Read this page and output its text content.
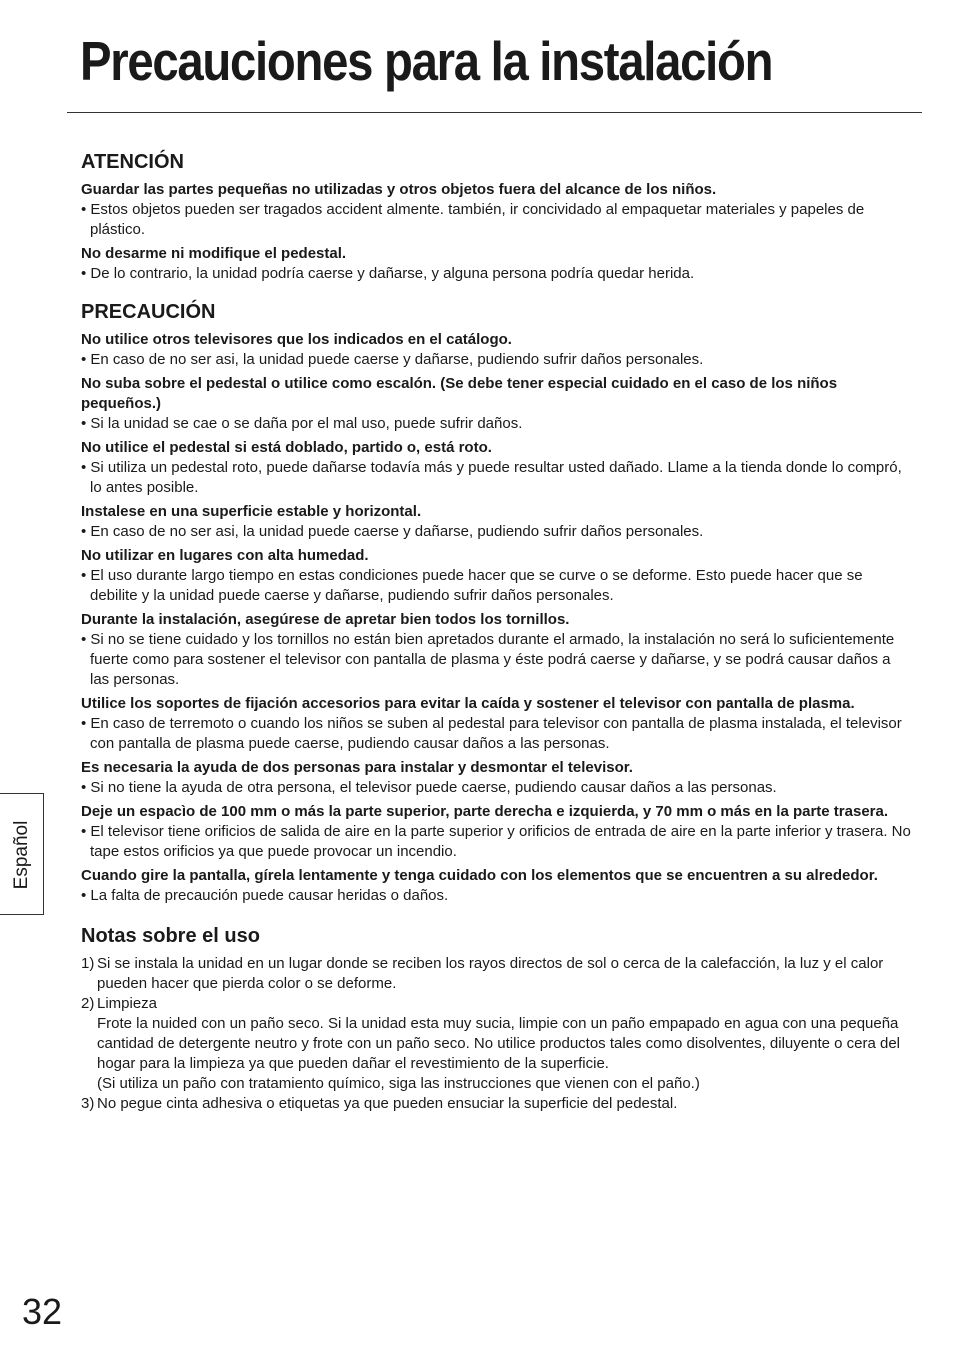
Precauciones para la instalación
ATENCIÓN
Guardar las partes pequeñas no utilizadas y otros objetos fuera del alcance de los niños.
• Estos objetos pueden ser tragados accident almente. también, ir concividado al empaquetar materiales y papeles de plástico.
No desarme ni modifique el pedestal.
• De lo contrario, la unidad podría caerse y dañarse, y alguna persona podría quedar herida.
PRECAUCIÓN
No utilice otros televisores que los indicados en el catálogo.
• En caso de no ser asi, la unidad puede caerse y dañarse, pudiendo sufrir daños personales.
No suba sobre el pedestal o utilice como escalón. (Se debe tener especial cuidado en el caso de los niños pequeños.)
• Si la unidad se cae o se daña por el mal uso, puede sufrir daños.
No utilice el pedestal si está doblado, partido o, está roto.
• Si utiliza un pedestal roto, puede dañarse todavía más y puede resultar usted dañado. Llame a la tienda donde lo compró, lo antes posible.
Instalese en una superficie estable y horizontal.
• En caso de no ser asi, la unidad puede caerse y dañarse, pudiendo sufrir daños personales.
No utilizar en lugares con alta humedad.
• El uso durante largo tiempo en estas condiciones puede hacer que se curve o se deforme. Esto puede hacer que se debilite y la unidad puede caerse y dañarse, pudiendo sufrir daños personales.
Durante la instalación, asegúrese de apretar bien todos los tornillos.
• Si no se tiene cuidado y los tornillos no están bien apretados durante el armado, la instalación no será lo suficientemente fuerte como para sostener el televisor con pantalla de plasma y éste podrá caerse y dañarse, y se podrá causar daños a las personas.
Utilice los soportes de fijación accesorios para evitar la caída y sostener el televisor con pantalla de plasma.
• En caso de terremoto o cuando los niños se suben al pedestal para televisor con pantalla de plasma instalada, el televisor con pantalla de plasma puede caerse, pudiendo causar daños a las personas.
Es necesaria la ayuda de dos personas para instalar y desmontar el televisor.
• Si no tiene la ayuda de otra persona, el televisor puede caerse, pudiendo causar daños a las personas.
Deje un espacìo de 100 mm o más la parte superior, parte derecha e izquierda, y 70 mm o más en la parte trasera.
• El televisor tiene orificios de salida de aire en la parte superior y orificios de entrada de aire en la parte inferior y trasera. No tape estos orificios ya que puede provocar un incendio.
Cuando gire la pantalla, gírela lentamente y tenga cuidado con los elementos que se encuentren a su alrededor.
• La falta de precaución puede causar heridas o daños.
Notas sobre el uso
1) Si se instala la unidad en un lugar donde se reciben los rayos directos de sol o cerca de la calefacción, la luz y el calor pueden hacer que pierda color o se deforme.
2) Limpieza
Frote la nuided con un paño seco. Si la unidad esta muy sucia, limpie con un paño empapado en agua con una pequeña cantidad de detergente neutro y frote con un paño seco. No utilice productos tales como disolventes, diluyente o cera del hogar para la limpieza ya que pueden dañar el revestimiento de la superficie.
(Si utiliza un paño con tratamiento químico, siga las instrucciones que vienen con el paño.)
3) No pegue cinta adhesiva o etiquetas ya que pueden ensuciar la superficie del pedestal.
Español
32
